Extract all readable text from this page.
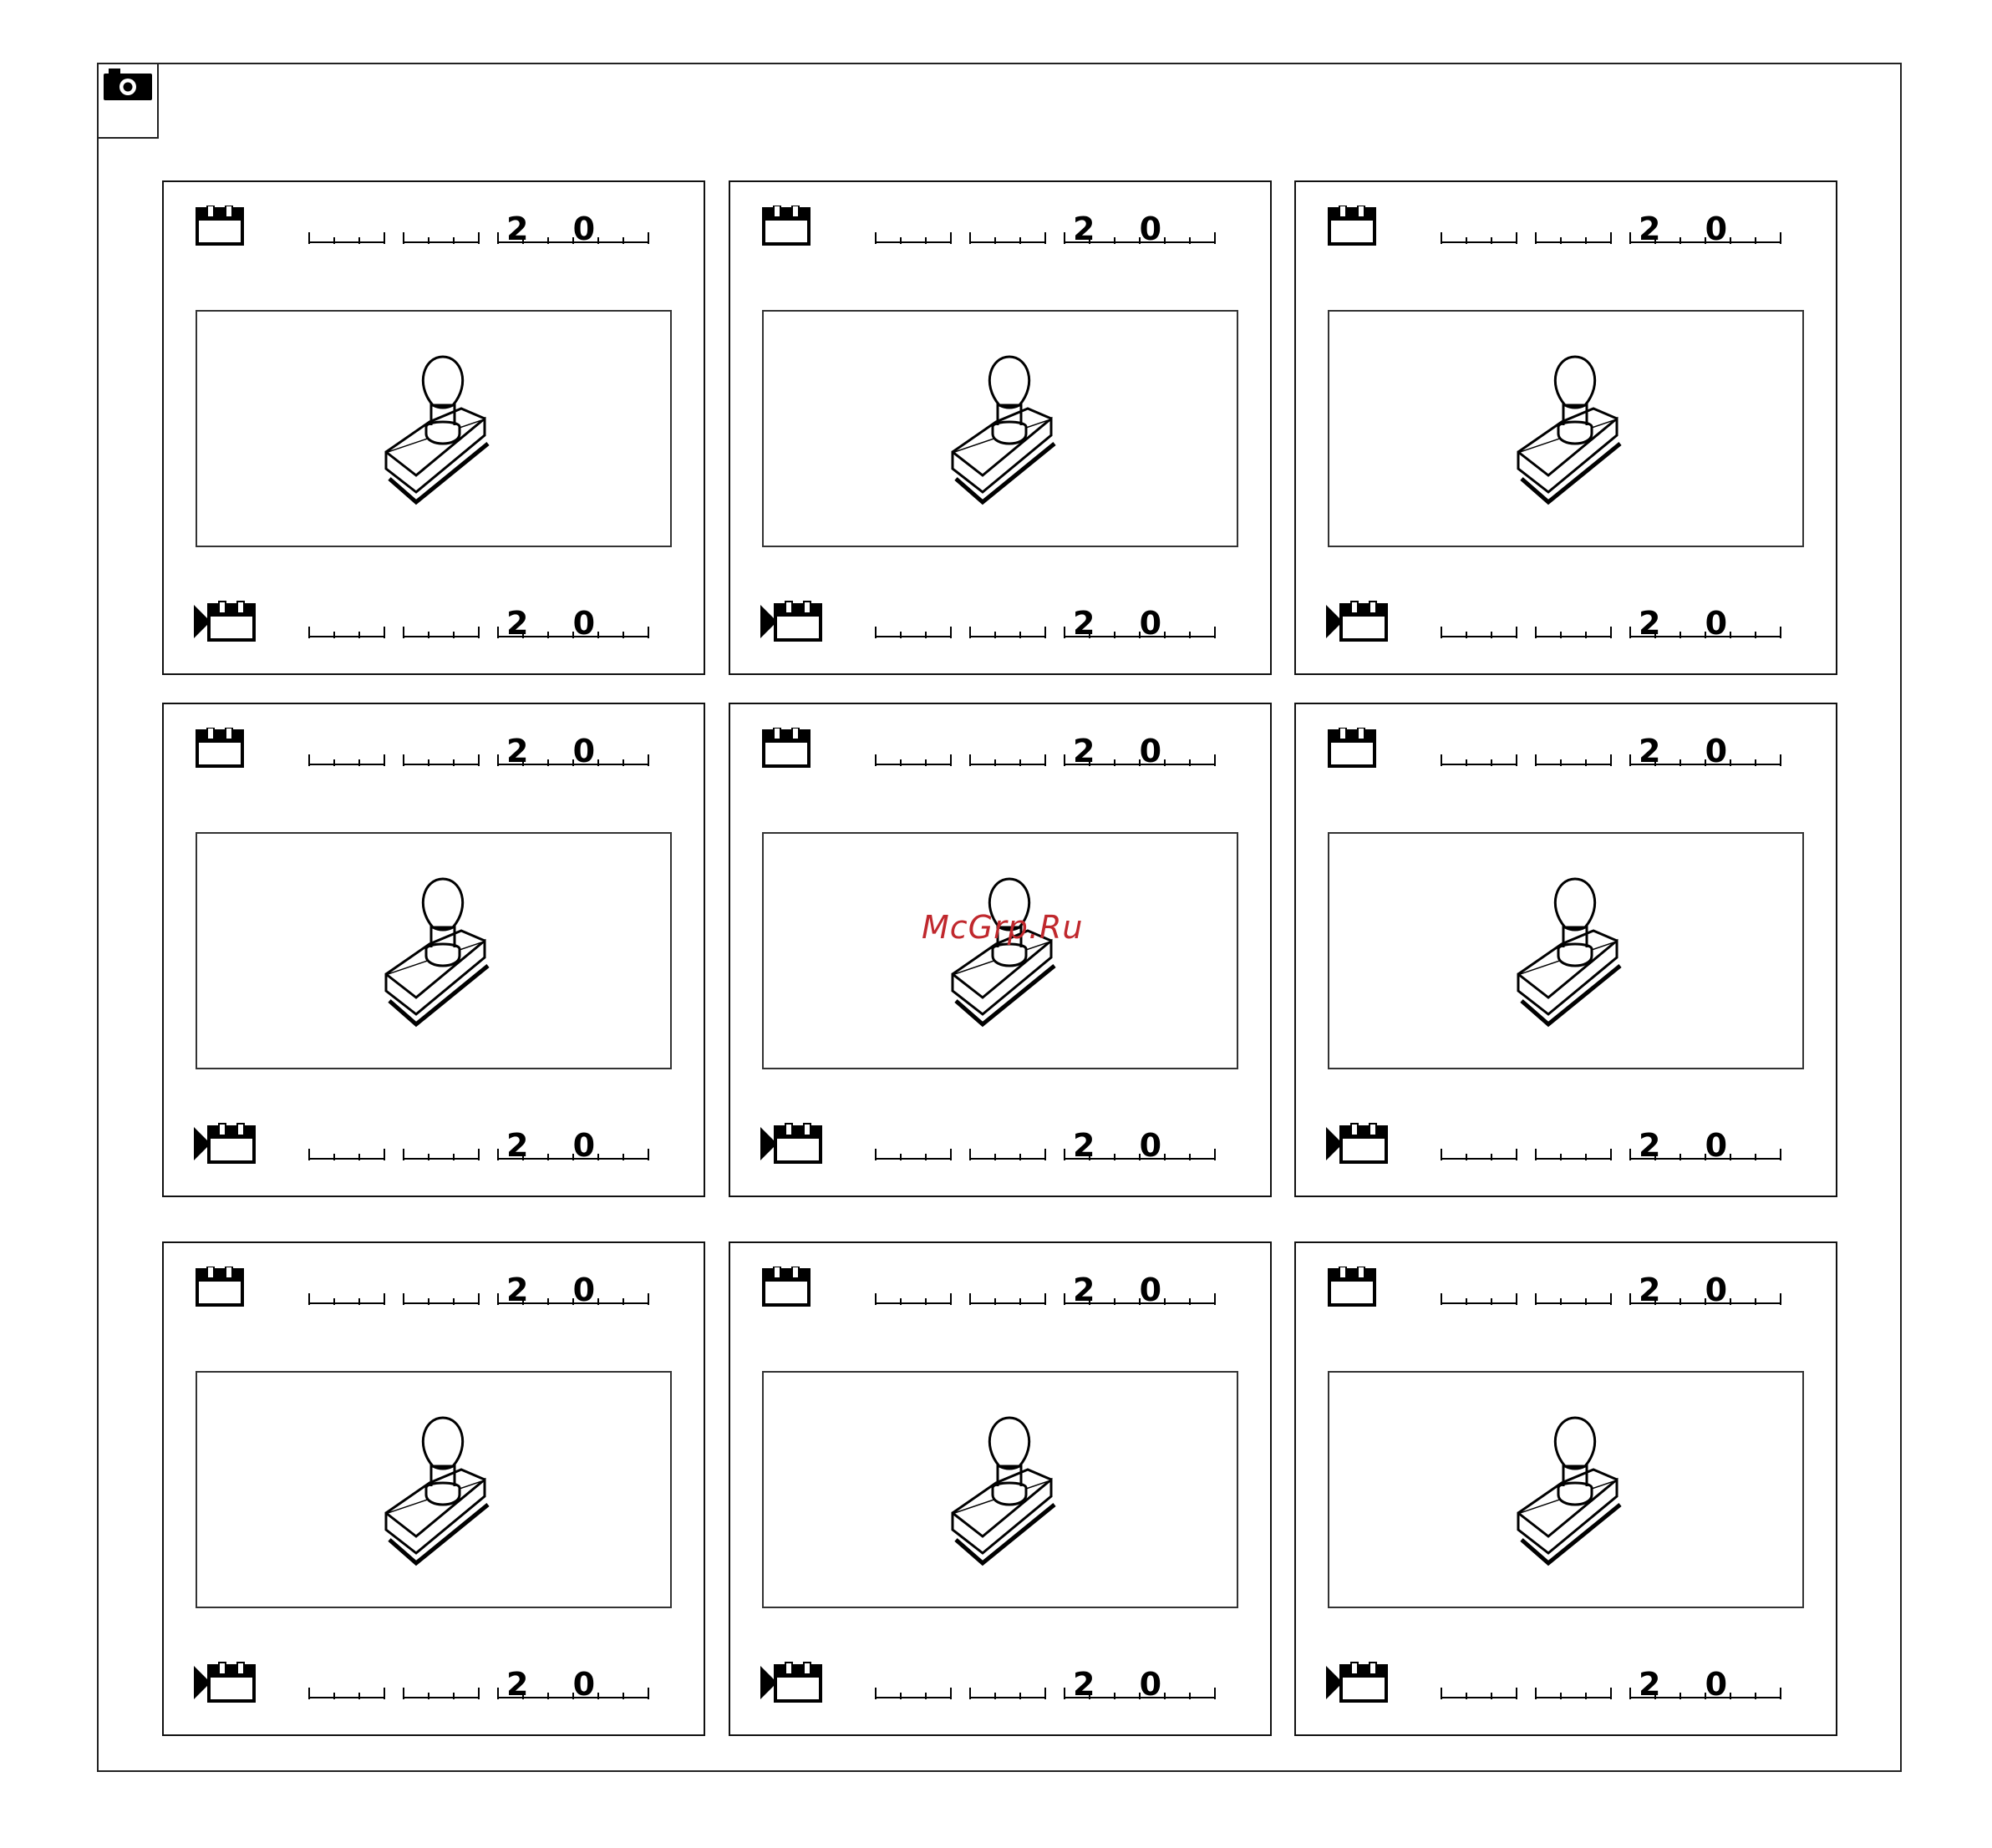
2 0
2 0
2 0
2 0
2 0
2 0
2 0
2 0
2 0
2 0
2 0
2 0
2 0
2 0
2 0
2 0
2 0
2 0
McGrp.Ru
